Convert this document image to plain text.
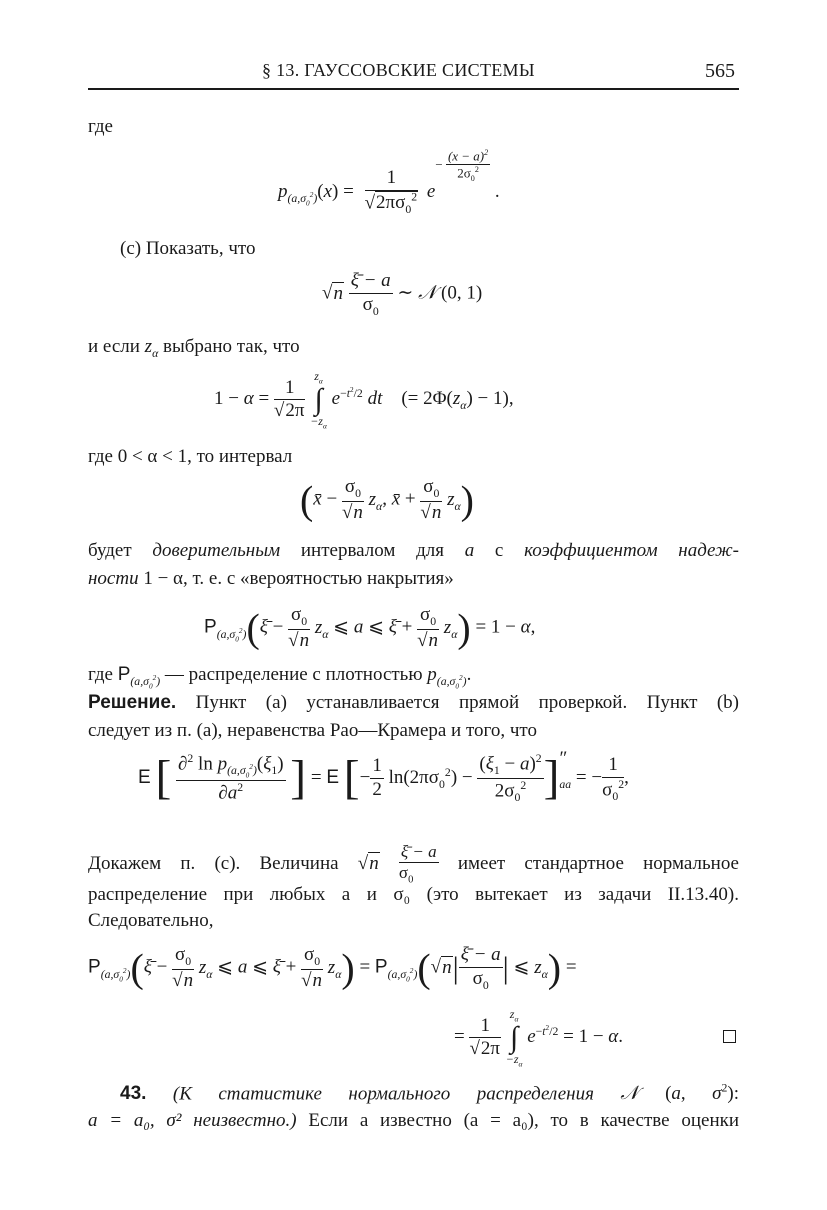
§ 13. ГАУССОВСКИЕ СИСТЕМЫ	565
где
$p_{(a,\sigma_0^2)}(x) = \frac{1}{√2\pi\sigma_0^2} e- \frac{(x - a)^2}{2\sigma_0^2}$
.
(c) Показать, что
$√n \frac{\xī - a}{\sigma_0}$ ∼ 𝒩 (0, 1)
и если $z_\alpha$ выбрано так, что
$1 - \alpha = \frac{1}{√2\pi}$

$z_\alpha$
∫
$-z_\alpha$
$e^{-t^2/2}$ dt    (= $2\Phi(z_\alpha) - 1$),
где 0 < α < 1, то интервал
(x̄ − $\frac{\sigma_0}{√n} z_\alpha$, x̄ + $\frac{\sigma_0}{√n} z_\alpha$)
будет доверительным интервалом для a с коэффициентом надеж-
ности 1 − α, т. е. с «вероятностью накрытия»
$P_{(a,\sigma_0^2)}(\xī - \frac{\sigma_0}{√n} z_\alpha$ ⩽ a ⩽ ξ̄ + $\frac{\sigma_0}{√n} z_\alpha) = 1 - \alpha$,
где $P_{(a,\sigma_0^2)}$ — распределение с плотностью $p_{(a,\sigma_0^2)}$.
Решение. Пункт (a) устанавливается прямой проверкой. Пункт (b)
следует из п. (a), неравенства Рао—Крамера и того, что
E [ $\frac{\partial^2 \ln p_{(a,\sigma_0^2)}(\xi_1)}{\partial a^2}$ ] = E [− $\frac{1}{2} \ln(2\pi\sigma_0^2) - \frac{(\xi_1 - a)^2}{2\sigma_0^2} ]''_{aa}$ = − $\frac{1}{\sigma_0^2}$ ,
Докажем п. (c). Величина $√n \frac{\xī - a}{\sigma_0}$ имеет стандартное нормальное
распределение при любых a и σ₀ (это вытекает из задачи II.13.40).
Следовательно,
$P_{(a,\sigma_0^2)}(\xī - \frac{\sigma_0}{√n} z_\alpha$ ⩽ a ⩽ ξ̄ + $\frac{\sigma_0}{√n} z_\alpha) = P_{(a,\sigma_0^2)}(√n| \frac{\xī - a}{\sigma_0}$ | ⩽ $z_\alpha$) =
= $\frac{1}{√2\pi}$

$z_\alpha$
∫
$-z_\alpha$
$e^{-t^2/2} = 1 - \alpha$.
43. (К статистике нормального распределения 𝒩 (a, $\sigma^2$):
a = a₀, σ² неизвестно.) Если a известно (a = a₀), то в качестве оценки
